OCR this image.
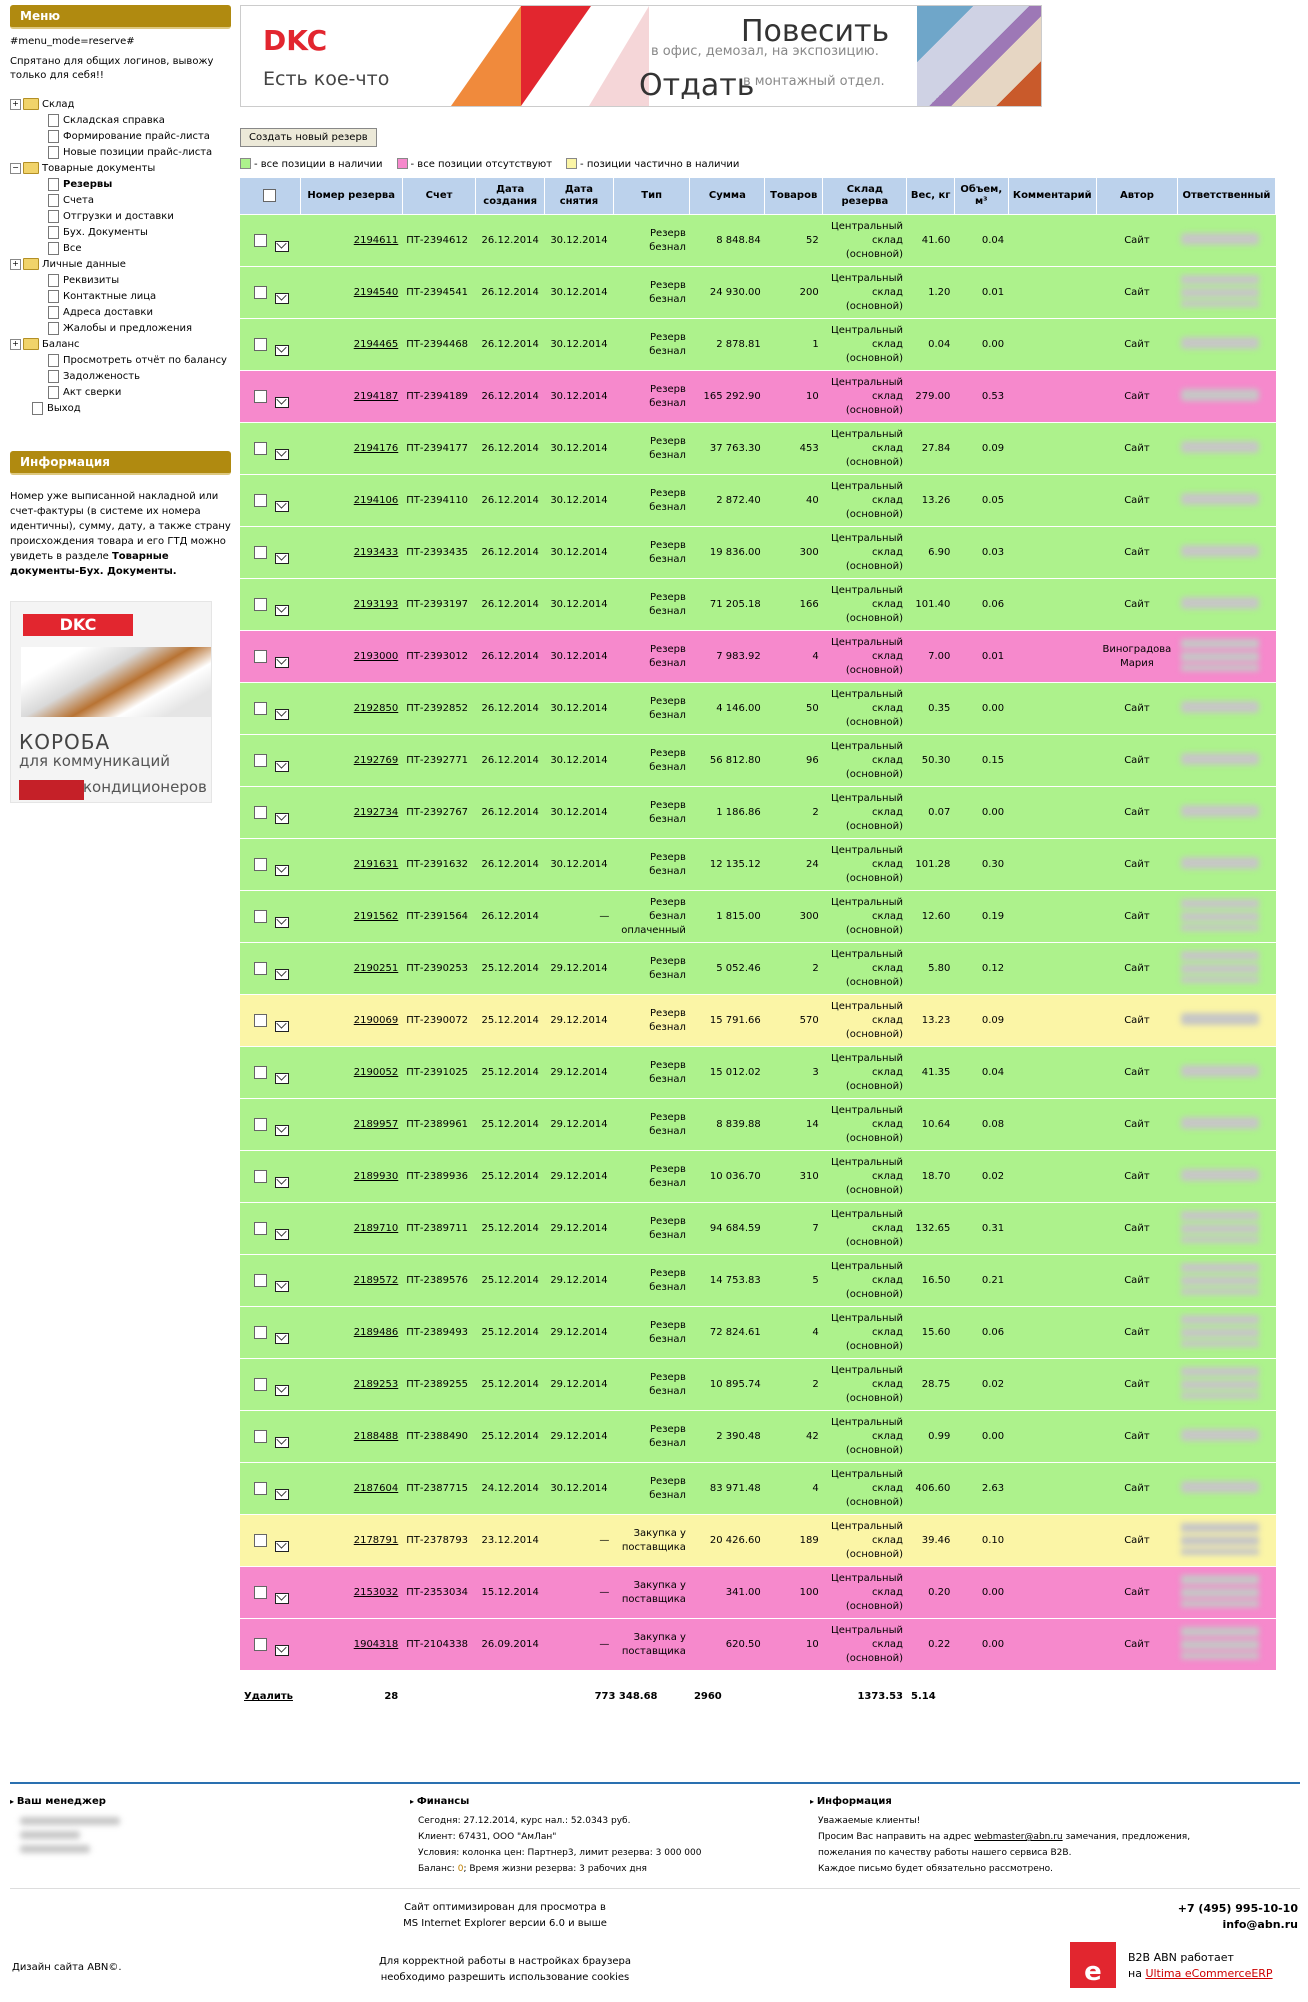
Меню
#menu_mode=reserve#
Спрятано для общих логинов, вывожу только для себя!!
+ Склад
Складская справка
Формирование прайс-листа
Новые позиции прайс-листа
− Товарные документы
Резервы
Счета
Отгрузки и доставки
Бух. Документы
Все
+ Личные данные
Реквизиты
Контактные лица
Адреса доставки
Жалобы и предложения
+ Баланс
Просмотреть отчёт по балансу
Задолженость
Акт сверки
Выход
Информация
Номер уже выписанной накладной или счет-фактуры (в системе их номера идентичны), сумму, дату, а также страну происхождения товара и его ГТД можно увидеть в разделе Товарные документы-Бух. Документы.
DKC
КОРОБА
для коммуникаций
кондиционеров
DKC
Есть кое-что
Повесить
в офис, демозал, на экспозицию.
Отдать
в монтажный отдел.
Создать новый резерв
- все позиции в наличии	- все позиции отсутствуют	- позиции частично в наличии
	Номер резерва	Счет	Дата создания	Дата снятия	Тип	Сумма	Товаров	Склад резерва	Вес, кг	Объем, м³	Комментарий	Автор	Ответственный
	2194611	ПТ-2394612	26.12.2014	30.12.2014	Резерв безнал	8 848.84	52	Центральный склад (основной)	41.60	0.04		Сайт	
	2194540	ПТ-2394541	26.12.2014	30.12.2014	Резерв безнал	24 930.00	200	Центральный склад (основной)	1.20	0.01		Сайт	
	2194465	ПТ-2394468	26.12.2014	30.12.2014	Резерв безнал	2 878.81	1	Центральный склад (основной)	0.04	0.00		Сайт	
	2194187	ПТ-2394189	26.12.2014	30.12.2014	Резерв безнал	165 292.90	10	Центральный склад (основной)	279.00	0.53		Сайт	
	2194176	ПТ-2394177	26.12.2014	30.12.2014	Резерв безнал	37 763.30	453	Центральный склад (основной)	27.84	0.09		Сайт	
	2194106	ПТ-2394110	26.12.2014	30.12.2014	Резерв безнал	2 872.40	40	Центральный склад (основной)	13.26	0.05		Сайт	
	2193433	ПТ-2393435	26.12.2014	30.12.2014	Резерв безнал	19 836.00	300	Центральный склад (основной)	6.90	0.03		Сайт	
	2193193	ПТ-2393197	26.12.2014	30.12.2014	Резерв безнал	71 205.18	166	Центральный склад (основной)	101.40	0.06		Сайт	
	2193000	ПТ-2393012	26.12.2014	30.12.2014	Резерв безнал	7 983.92	4	Центральный склад (основной)	7.00	0.01		Виноградова Мария	
	2192850	ПТ-2392852	26.12.2014	30.12.2014	Резерв безнал	4 146.00	50	Центральный склад (основной)	0.35	0.00		Сайт	
	2192769	ПТ-2392771	26.12.2014	30.12.2014	Резерв безнал	56 812.80	96	Центральный склад (основной)	50.30	0.15		Сайт	
	2192734	ПТ-2392767	26.12.2014	30.12.2014	Резерв безнал	1 186.86	2	Центральный склад (основной)	0.07	0.00		Сайт	
	2191631	ПТ-2391632	26.12.2014	30.12.2014	Резерв безнал	12 135.12	24	Центральный склад (основной)	101.28	0.30		Сайт	
	2191562	ПТ-2391564	26.12.2014	—	Резерв безнал оплаченный	1 815.00	300	Центральный склад (основной)	12.60	0.19		Сайт	
	2190251	ПТ-2390253	25.12.2014	29.12.2014	Резерв безнал	5 052.46	2	Центральный склад (основной)	5.80	0.12		Сайт	
	2190069	ПТ-2390072	25.12.2014	29.12.2014	Резерв безнал	15 791.66	570	Центральный склад (основной)	13.23	0.09		Сайт	
	2190052	ПТ-2391025	25.12.2014	29.12.2014	Резерв безнал	15 012.02	3	Центральный склад (основной)	41.35	0.04		Сайт	
	2189957	ПТ-2389961	25.12.2014	29.12.2014	Резерв безнал	8 839.88	14	Центральный склад (основной)	10.64	0.08		Сайт	
	2189930	ПТ-2389936	25.12.2014	29.12.2014	Резерв безнал	10 036.70	310	Центральный склад (основной)	18.70	0.02		Сайт	
	2189710	ПТ-2389711	25.12.2014	29.12.2014	Резерв безнал	94 684.59	7	Центральный склад (основной)	132.65	0.31		Сайт	
	2189572	ПТ-2389576	25.12.2014	29.12.2014	Резерв безнал	14 753.83	5	Центральный склад (основной)	16.50	0.21		Сайт	
	2189486	ПТ-2389493	25.12.2014	29.12.2014	Резерв безнал	72 824.61	4	Центральный склад (основной)	15.60	0.06		Сайт	
	2189253	ПТ-2389255	25.12.2014	29.12.2014	Резерв безнал	10 895.74	2	Центральный склад (основной)	28.75	0.02		Сайт	
	2188488	ПТ-2388490	25.12.2014	29.12.2014	Резерв безнал	2 390.48	42	Центральный склад (основной)	0.99	0.00		Сайт	
	2187604	ПТ-2387715	24.12.2014	30.12.2014	Резерв безнал	83 971.48	4	Центральный склад (основной)	406.60	2.63		Сайт	
	2178791	ПТ-2378793	23.12.2014	—	Закупка у поставщика	20 426.60	189	Центральный склад (основной)	39.46	0.10		Сайт	
	2153032	ПТ-2353034	15.12.2014	—	Закупка у поставщика	341.00	100	Центральный склад (основной)	0.20	0.00		Сайт	
	1904318	ПТ-2104338	26.09.2014	—	Закупка у поставщика	620.50	10	Центральный склад (основной)	0.22	0.00		Сайт	
Удалить	28			773 348.68		2960		1373.53	5.14				
▸ Ваш менеджер	▸ Финансы
Сегодня: 27.12.2014, курс нал.: 52.0343 руб.
Клиент: 67431, ООО "АмЛан"
Условия: колонка цен: Партнер3, лимит резерва: 3 000 000
Баланс: 0; Время жизни резерва: 3 рабочих дня
▸ Информация
Уважаемые клиенты!
Просим Вас направить на адрес webmaster@abn.ru замечания, предложения,
пожелания по качеству работы нашего сервиса B2B.
Каждое письмо будет обязательно рассмотрено.
Сайт оптимизирован для просмотра в
MS Internet Explorer версии 6.0 и выше
+7 (495) 995-10-10
info@abn.ru
Дизайн сайта ABN©.
Для корректной работы в настройках браузера
необходимо разрешить использование cookies	e	B2B ABN работает
на Ultima eCommerceERP
